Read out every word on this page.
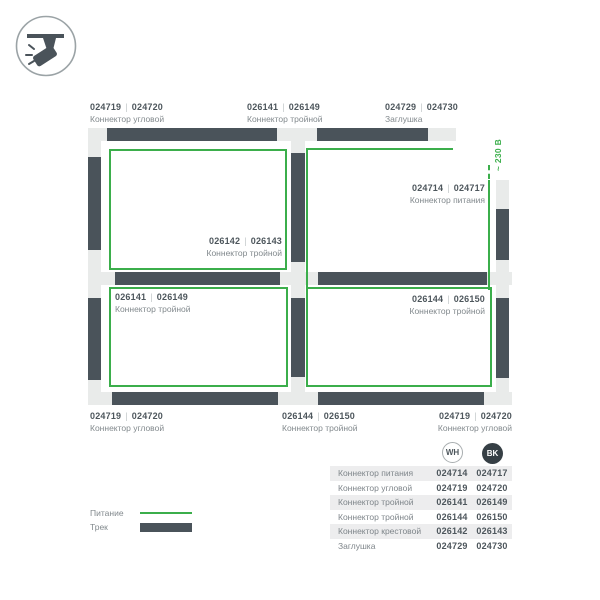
~ 230 В
024719 | 024720
Коннектор угловой
026141 | 026149
Коннектор тройной
024729 | 024730
Заглушка
024714 | 024717
Коннектор питания
026142 | 026143
Коннектор тройной
026141 | 026149
Коннектор тройной
026144 | 026150
Коннектор тройной
024719 | 024720
Коннектор угловой
026144 | 026150
Коннектор тройной
024719 | 024720
Коннектор угловой
Питание
Трек
WH	BK
Коннектор питания	024714 024717
Коннектор угловой	024719 024720
Коннектор тройной	026141 026149
Коннектор тройной	026144 026150
Коннектор крестовой	026142 026143
Заглушка	024729 024730
